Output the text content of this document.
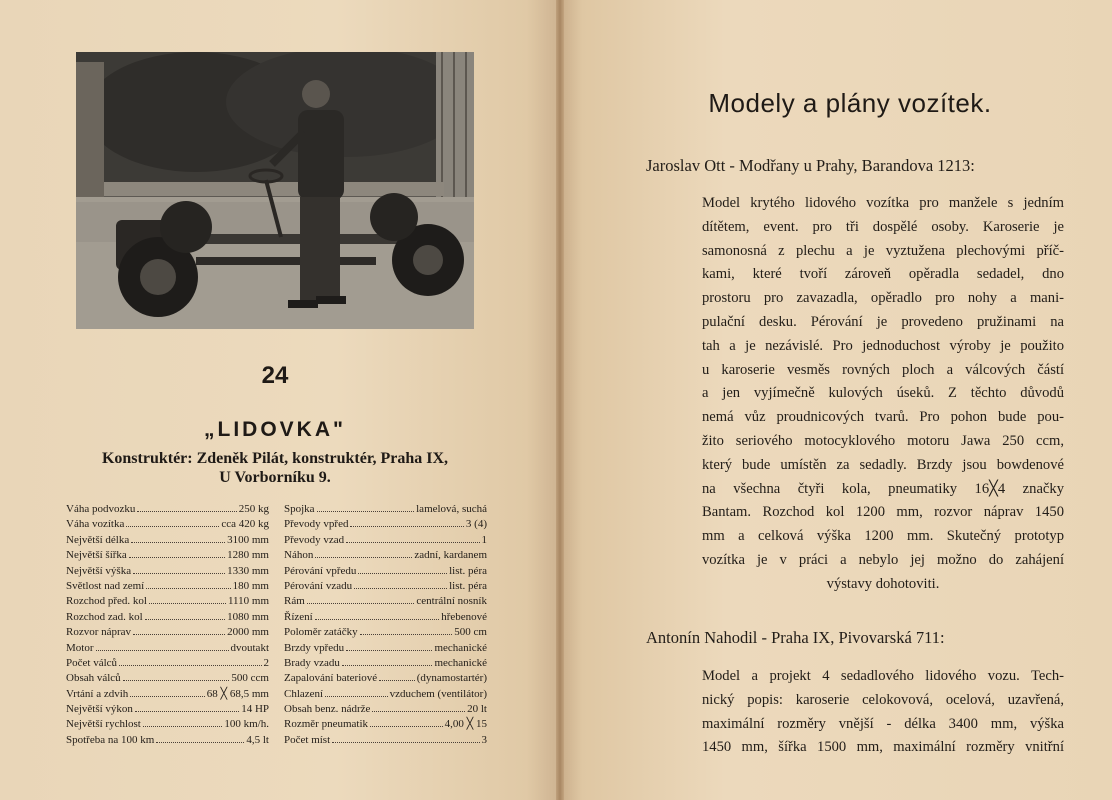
24
„LIDOVKA"
Konstruktér: Zdeněk Pilát, konstruktér, Praha IX,
U Vorborníku 9.
Váha podvozku	250 kg
Váha vozítka	cca 420 kg
Největší délka	3100 mm
Největší šířka	1280 mm
Největší výška	1330 mm
Světlost nad zemí	180 mm
Rozchod před. kol	1110 mm
Rozchod zad. kol	1080 mm
Rozvor náprav	2000 mm
Motor	dvoutakt
Počet válců	2
Obsah válců	500 ccm
Vrtání a zdvih	68 ╳ 68,5 mm
Největší výkon	14 HP
Největší rychlost	100 km/h.
Spotřeba na 100 km	4,5 lt
Spojka	lamelová, suchá
Převody vpřed	3 (4)
Převody vzad	1
Náhon	zadní, kardanem
Pérování vpředu	list. péra
Pérování vzadu	list. péra
Rám	centrální nosník
Řízení	hřebenové
Poloměr zatáčky	500 cm
Brzdy vpředu	mechanické
Brady vzadu	mechanické
Zapalování bateriové	(dynamostartér)
Chlazení	vzduchem (ventilátor)
Obsah benz. nádrže	20 lt
Rozměr pneumatik	4,00 ╳ 15
Počet míst	3
Modely a plány vozítek.
Jaroslav Ott - Modřany u Prahy, Barandova 1213:
Model krytého lidového vozítka pro manžele s jedním
dítětem, event. pro tři dospělé osoby. Karoserie je
samonosná z plechu a je vyztužena plechovými příč-
kami, které tvoří zároveň opěradla sedadel, dno
prostoru pro zavazadla, opěradlo pro nohy a mani-
pulační desku. Pérování je provedeno pružinami na
tah a je nezávislé. Pro jednoduchost výroby je použito
u karoserie vesměs rovných ploch a válcových částí
a jen vyjímečně kulových úseků. Z těchto důvodů
nemá vůz proudnicových tvarů. Pro pohon bude pou-
žito seriového motocyklového motoru Jawa 250 ccm,
který bude umístěn za sedadly. Brzdy jsou bowdenové
na všechna čtyři kola, pneumatiky 16╳4 značky
Bantam. Rozchod kol 1200 mm, rozvor náprav 1450
mm a celková výška 1200 mm. Skutečný prototyp
vozítka je v práci a nebylo jej možno do zahájení
výstavy dohotoviti.
Antonín Nahodil - Praha IX, Pivovarská 711:
Model a projekt 4 sedadlového lidového vozu. Tech-
nický popis: karoserie celokovová, ocelová, uzavřená,
maximální rozměry vnější - délka 3400 mm, výška
1450 mm, šířka 1500 mm, maximální rozměry vnitřní
